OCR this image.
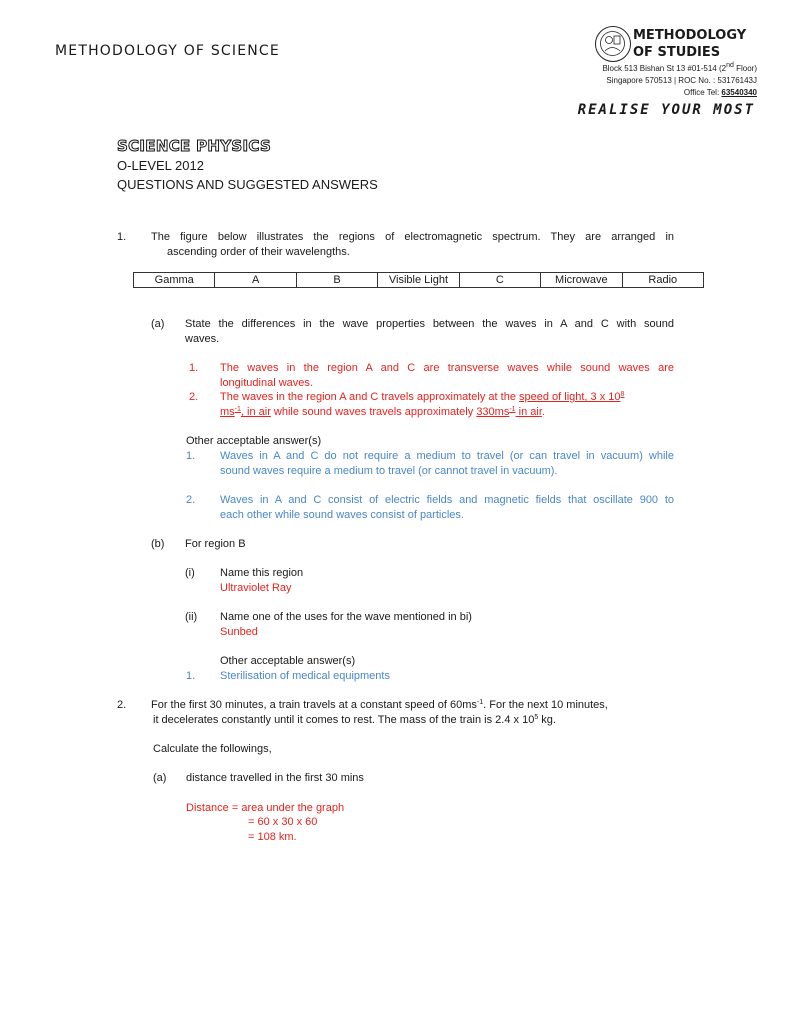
METHODOLOGY OF SCIENCE
METHODOLOGY
OF STUDIES
Block 513 Bishan St 13 #01-514 (2nd Floor)
Singapore 570513 | ROC No. : 53176143J
Office Tel: 63540340
REALISE YOUR MOST
SCIENCE PHYSICS
O-LEVEL 2012
QUESTIONS AND SUGGESTED ANSWERS
1. The figure below illustrates the regions of electromagnetic spectrum. They are arranged in
ascending order of their wavelengths.
Gamma	A	B	Visible Light	C	Microwave	Radio
(a) State the differences in the wave properties between the waves in A and C with sound
waves.
1. The waves in the region A and C are transverse waves while sound waves are
longitudinal waves.
2. The waves in the region A and C travels approximately at the speed of light, 3 x $10^8$
$ms^{-1}$, in air while sound waves travels approximately $330ms^{-1}$ in air.
Other acceptable answer(s)
1. Waves in A and C do not require a medium to travel (or can travel in vacuum) while
sound waves require a medium to travel (or cannot travel in vacuum).
2. Waves in A and C consist of electric fields and magnetic fields that oscillate 900 to
each other while sound waves consist of particles.
(b) For region B
(i) Name this region
Ultraviolet Ray
(ii) Name one of the uses for the wave mentioned in bi)
Sunbed
Other acceptable answer(s)
1. Sterilisation of medical equipments
2. For the first 30 minutes, a train travels at a constant speed of $60ms^{-1}$. For the next 10 minutes,
it decelerates constantly until it comes to rest. The mass of the train is 2.4 x $10^5$ kg.
Calculate the followings,
(a) distance travelled in the first 30 mins
Distance = area under the graph
= 60 x 30 x 60
= 108 km.
